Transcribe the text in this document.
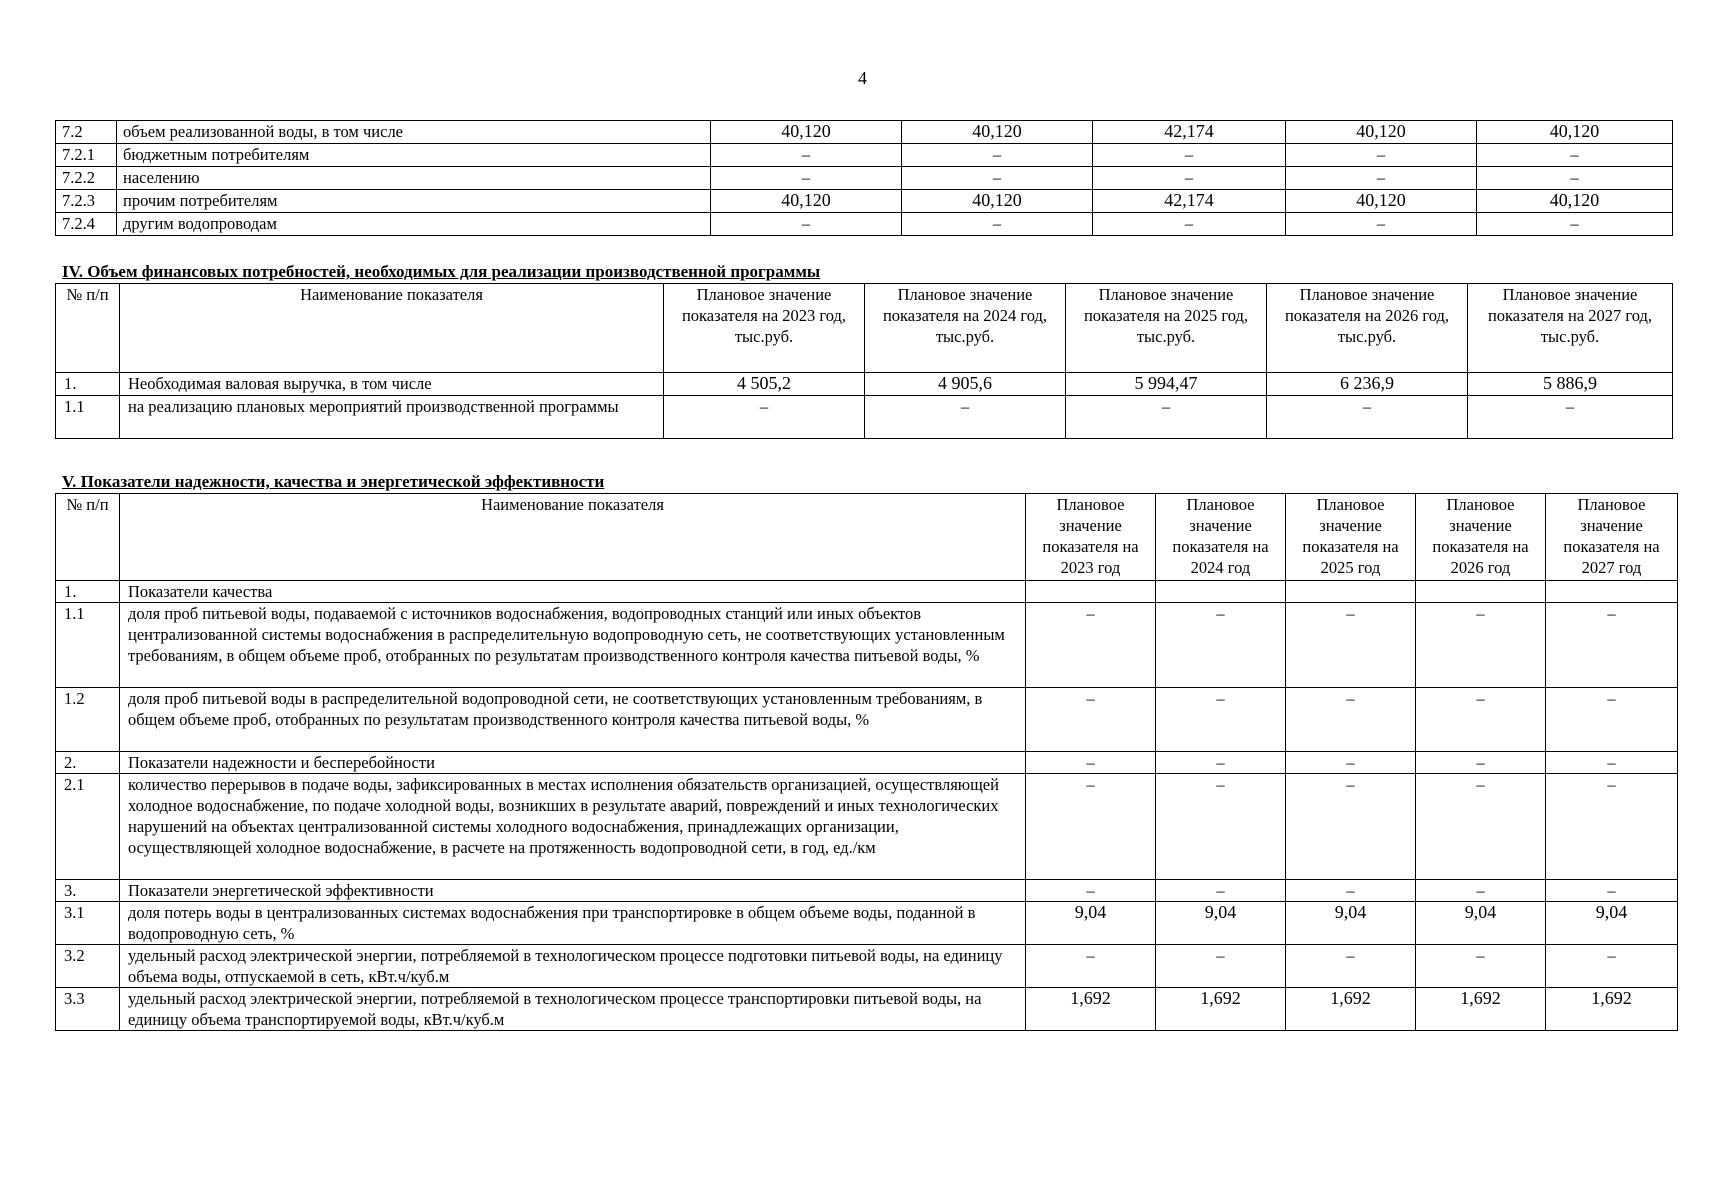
4
7.2	объем реализованной воды, в том числе	40,120	40,120	42,174	40,120	40,120
7.2.1	бюджетным потребителям	–	–	–	–	–
7.2.2	населению	–	–	–	–	–
7.2.3	прочим потребителям	40,120	40,120	42,174	40,120	40,120
7.2.4	другим водопроводам	–	–	–	–	–
IV. Объем финансовых потребностей, необходимых для реализации производственной программы
№ п/п	Наименование показателя	Плановое значение показателя на 2023 год, тыс.руб.	Плановое значение показателя на 2024 год, тыс.руб.	Плановое значение показателя на 2025 год, тыс.руб.	Плановое значение показателя на 2026 год, тыс.руб.	Плановое значение показателя на 2027 год, тыс.руб.
1.	Необходимая валовая выручка, в том числе	4 505,2	4 905,6	5 994,47	6 236,9	5 886,9
1.1	на реализацию плановых мероприятий производственной программы	–	–	–	–	–
V. Показатели надежности, качества и энергетической эффективности
№ п/п	Наименование показателя	Плановое значение показателя на 2023 год	Плановое значение показателя на 2024 год	Плановое значение показателя на 2025 год	Плановое значение показателя на 2026 год	Плановое значение показателя на 2027 год
1.	Показатели качества					
1.1	доля проб питьевой воды, подаваемой с источников водоснабжения, водопроводных станций или иных объектов централизованной системы водоснабжения в распределительную водопроводную сеть, не соответствующих установленным требованиям, в общем объеме проб, отобранных по результатам производственного контроля качества питьевой воды, %	–	–	–	–	–
1.2	доля проб питьевой воды в распределительной водопроводной сети, не соответствующих установленным требованиям, в общем объеме проб, отобранных по результатам производственного контроля качества питьевой воды, %	–	–	–	–	–
2.	Показатели надежности и бесперебойности	–	–	–	–	–
2.1	количество перерывов в подаче воды, зафиксированных в местах исполнения обязательств организацией, осуществляющей холодное водоснабжение, по подаче холодной воды, возникших в результате аварий, повреждений и иных технологических нарушений на объектах централизованной системы холодного водоснабжения, принадлежащих организации, осуществляющей холодное водоснабжение, в расчете на протяженность водопроводной сети, в год, ед./км	–	–	–	–	–
3.	Показатели энергетической эффективности	–	–	–	–	–
3.1	доля потерь воды в централизованных системах водоснабжения при транспортировке в общем объеме воды, поданной в водопроводную сеть, %	9,04	9,04	9,04	9,04	9,04
3.2	удельный расход электрической энергии, потребляемой в технологическом процессе подготовки питьевой воды, на единицу объема воды, отпускаемой в сеть, кВт.ч/куб.м	–	–	–	–	–
3.3	удельный расход электрической энергии, потребляемой в технологическом процессе транспортировки питьевой воды, на единицу объема транспортируемой воды, кВт.ч/куб.м	1,692	1,692	1,692	1,692	1,692
